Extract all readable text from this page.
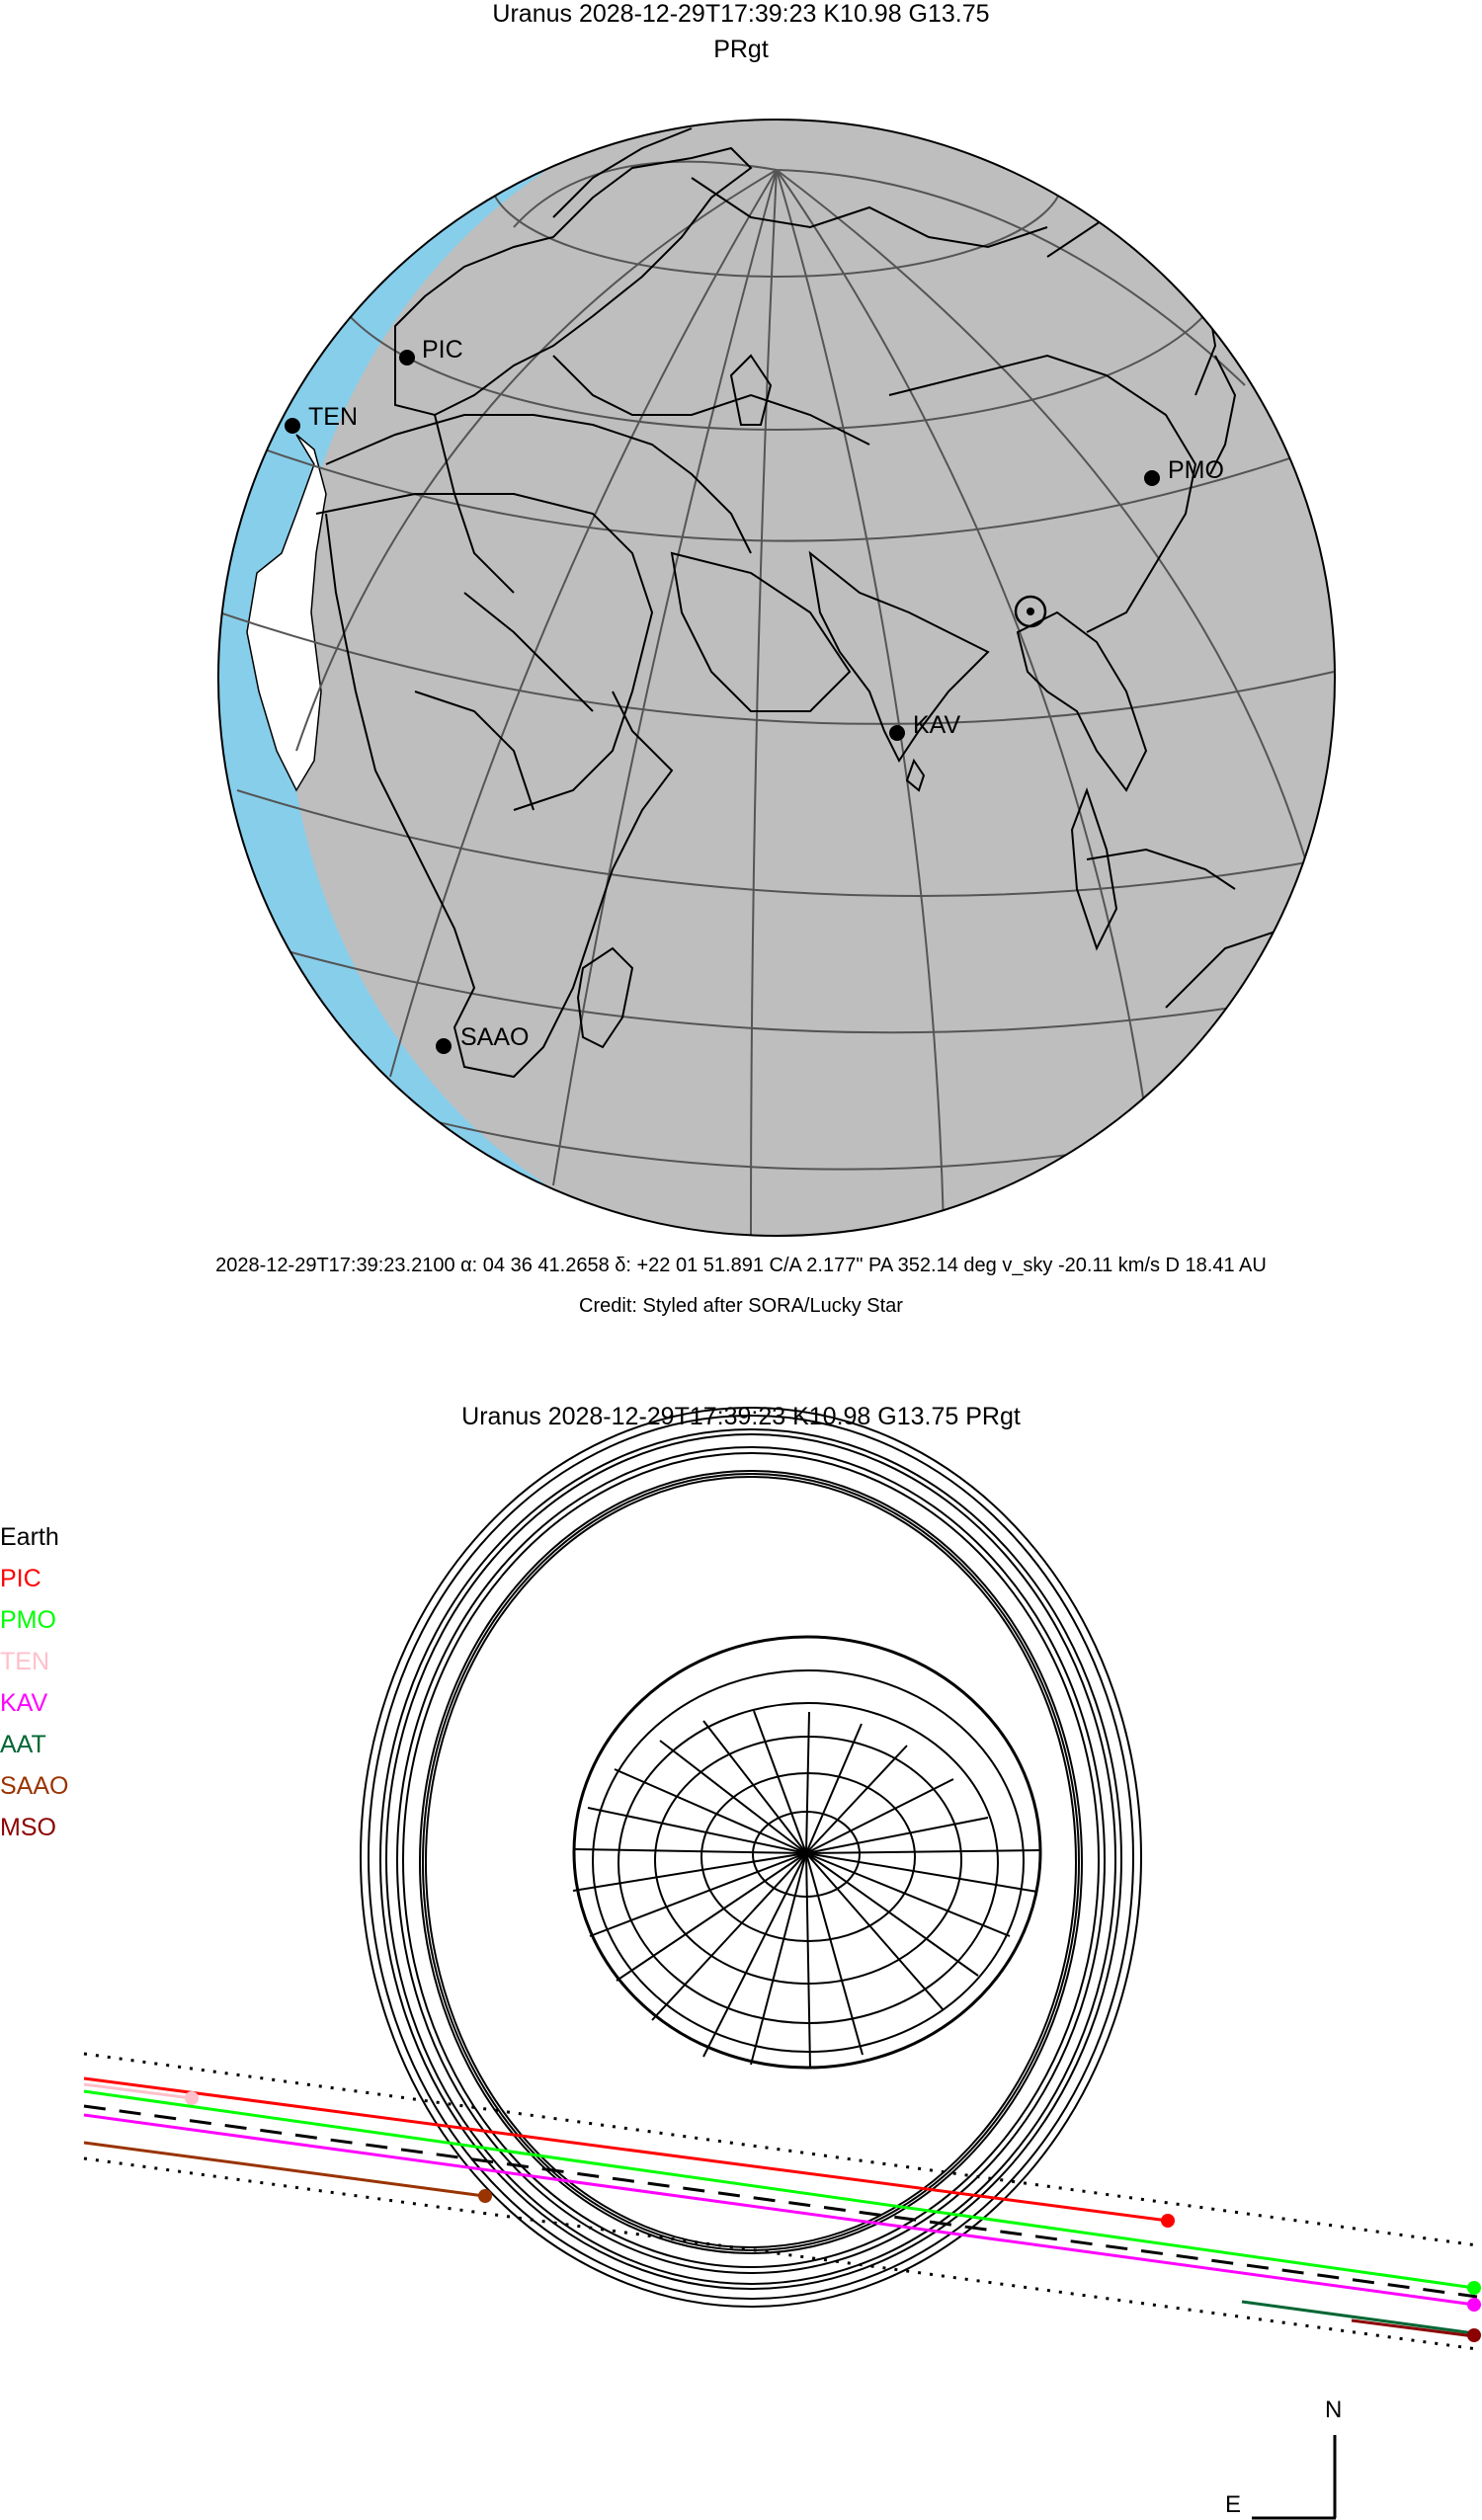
Uranus 2028-12-29T17:39:23 K10.98 G13.75
PRgt
PIC
TEN
PMO
KAV
SAAO
2028-12-29T17:39:23.2100 α: 04 36 41.2658 δ: +22 01 51.891 C/A 2.177" PA 352.14 deg v_sky -20.11 km/s D 18.41 AU
Credit: Styled after SORA/Lucky Star
Uranus 2028-12-29T17:39:23 K10.98 G13.75 PRgt
Earth
PIC
PMO
TEN
KAV
AAT
SAAO
MSO
N
E
